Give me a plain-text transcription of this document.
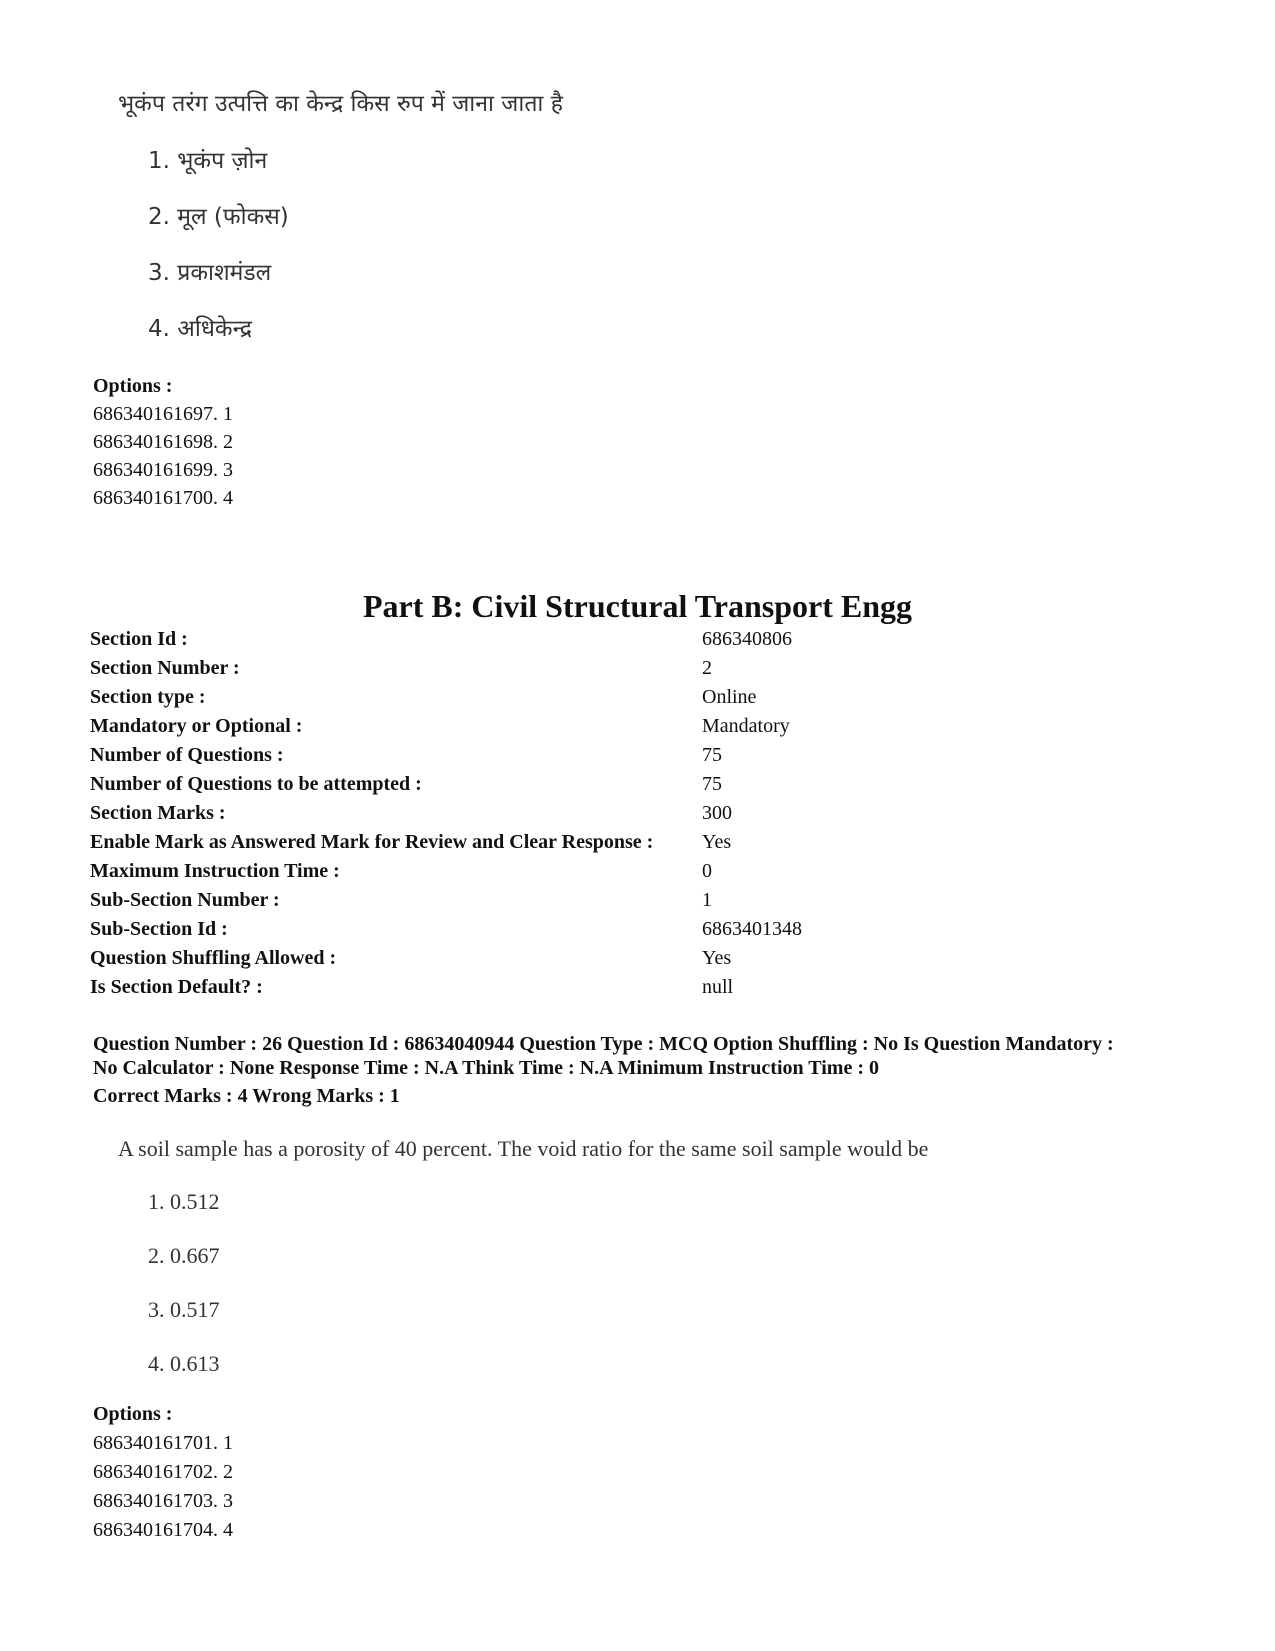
भूकंप तरंग उत्पत्ति का केन्द्र किस रुप में जाना जाता है
1. भूकंप ज़ोन
2. मूल (फोकस)
3. प्रकाशमंडल
4. अधिकेन्द्र
Options :
686340161697. 1
686340161698. 2
686340161699. 3
686340161700. 4
Part B: Civil Structural Transport Engg
Section Id :	686340806
Section Number :	2
Section type :	Online
Mandatory or Optional :	Mandatory
Number of Questions :	75
Number of Questions to be attempted :	75
Section Marks :	300
Enable Mark as Answered Mark for Review and Clear Response : Yes
Maximum Instruction Time :	0
Sub-Section Number :	1
Sub-Section Id :	6863401348
Question Shuffling Allowed :	Yes
Is Section Default? :	null
Question Number : 26 Question Id : 68634040944 Question Type : MCQ Option Shuffling : No Is Question Mandatory :
No Calculator : None Response Time : N.A Think Time : N.A Minimum Instruction Time : 0
Correct Marks : 4 Wrong Marks : 1
A soil sample has a porosity of 40 percent. The void ratio for the same soil sample would be
1. 0.512
2. 0.667
3. 0.517
4. 0.613
Options :
686340161701. 1
686340161702. 2
686340161703. 3
686340161704. 4
